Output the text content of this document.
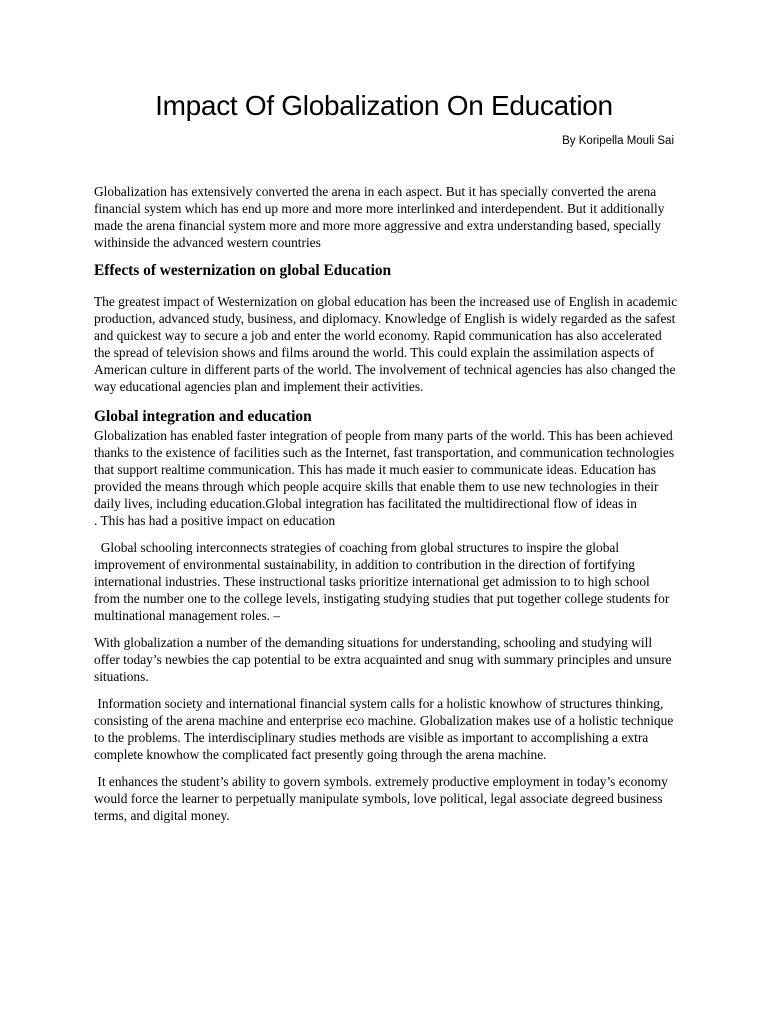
Impact Of Globalization On Education

By Koripella Mouli Sai

Globalization has extensively converted the arena in each aspect. But it has specially converted the arena financial system which has end up more and more more interlinked and interdependent. But it additionally made the arena financial system more and more more aggressive and extra understanding based, specially withinside the advanced western countries

Effects of westernization on global Education

The greatest impact of Westernization on global education has been the increased use of English in academic production, advanced study, business, and diplomacy. Knowledge of English is widely regarded as the safest and quickest way to secure a job and enter the world economy. Rapid communication has also accelerated the spread of television shows and films around the world. This could explain the assimilation aspects of American culture in different parts of the world. The involvement of technical agencies has also changed the way educational agencies plan and implement their activities.

Global integration and education

Globalization has enabled faster integration of people from many parts of the world. This has been achieved thanks to the existence of facilities such as the Internet, fast transportation, and communication technologies that support realtime communication. This has made it much easier to communicate ideas. Education has provided the means through which people acquire skills that enable them to use new technologies in their daily lives, including education.Global integration has facilitated the multidirectional flow of ideas in

. This has had a positive impact on education

Global schooling interconnects strategies of coaching from global structures to inspire the global improvement of environmental sustainability, in addition to contribution in the direction of fortifying international industries. These instructional tasks prioritize international get admission to to high school from the number one to the college levels, instigating studying studies that put together college students for multinational management roles. –

With globalization a number of the demanding situations for understanding, schooling and studying will offer today’s newbies the cap potential to be extra acquainted and snug with summary principles and unsure situations.

Information society and international financial system calls for a holistic knowhow of structures thinking, consisting of the arena machine and enterprise eco machine. Globalization makes use of a holistic technique to the problems. The interdisciplinary studies methods are visible as important to accomplishing a extra complete knowhow the complicated fact presently going through the arena machine.

It enhances the student’s ability to govern symbols. extremely productive employment in today’s economy would force the learner to perpetually manipulate symbols, love political, legal associate degreed business terms, and digital money.
